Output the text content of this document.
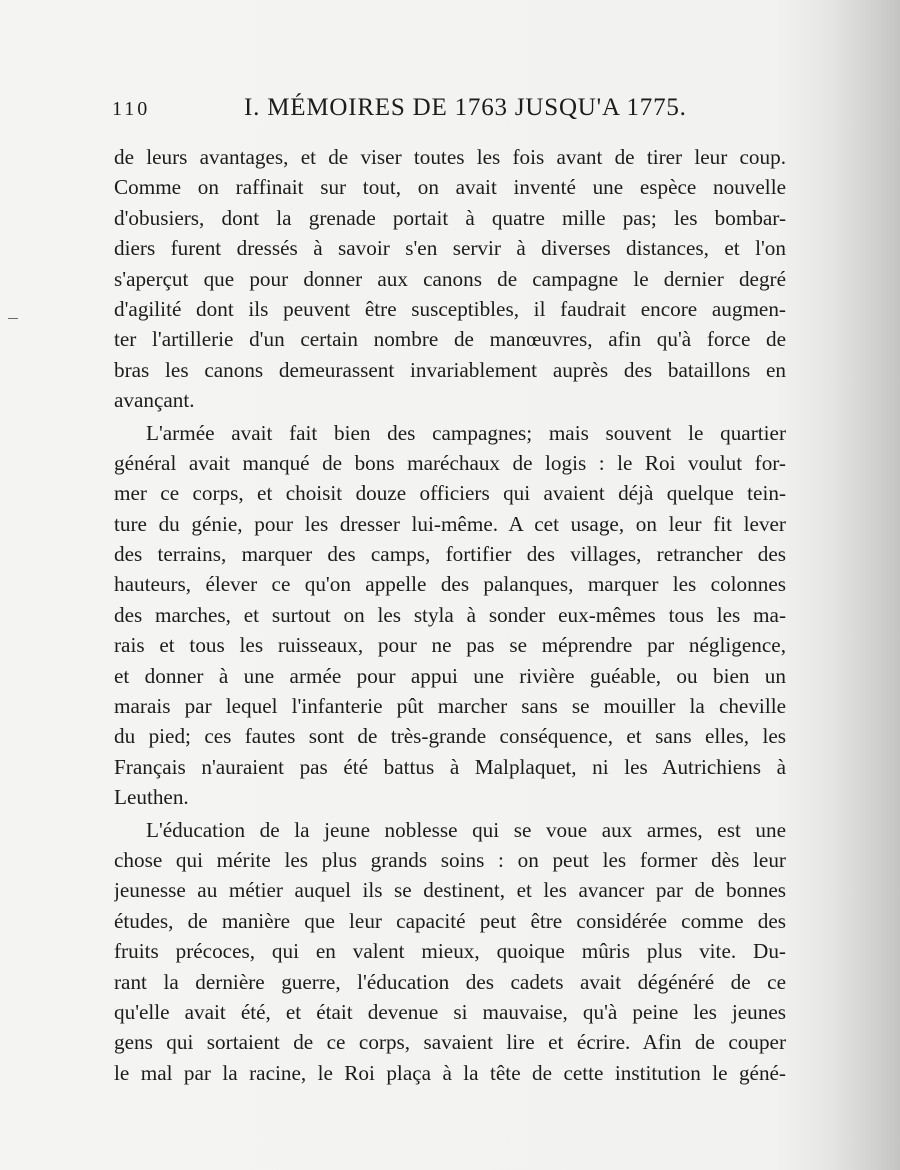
110	I. MÉMOIRES DE 1763 JUSQU'A 1775.
de leurs avantages, et de viser toutes les fois avant de tirer leur coup.
Comme on raffinait sur tout, on avait inventé une espèce nouvelle
d'obusiers, dont la grenade portait à quatre mille pas; les bombar-
diers furent dressés à savoir s'en servir à diverses distances, et l'on
s'aperçut que pour donner aux canons de campagne le dernier degré
d'agilité dont ils peuvent être susceptibles, il faudrait encore augmen-
ter l'artillerie d'un certain nombre de manœuvres, afin qu'à force de
bras les canons demeurassent invariablement auprès des bataillons en
avançant.
L'armée avait fait bien des campagnes; mais souvent le quartier
général avait manqué de bons maréchaux de logis : le Roi voulut for-
mer ce corps, et choisit douze officiers qui avaient déjà quelque tein-
ture du génie, pour les dresser lui-même. A cet usage, on leur fit lever
des terrains, marquer des camps, fortifier des villages, retrancher des
hauteurs, élever ce qu'on appelle des palanques, marquer les colonnes
des marches, et surtout on les styla à sonder eux-mêmes tous les ma-
rais et tous les ruisseaux, pour ne pas se méprendre par négligence,
et donner à une armée pour appui une rivière guéable, ou bien un
marais par lequel l'infanterie pût marcher sans se mouiller la cheville
du pied; ces fautes sont de très-grande conséquence, et sans elles, les
Français n'auraient pas été battus à Malplaquet, ni les Autrichiens à
Leuthen.
L'éducation de la jeune noblesse qui se voue aux armes, est une
chose qui mérite les plus grands soins : on peut les former dès leur
jeunesse au métier auquel ils se destinent, et les avancer par de bonnes
études, de manière que leur capacité peut être considérée comme des
fruits précoces, qui en valent mieux, quoique mûris plus vite. Du-
rant la dernière guerre, l'éducation des cadets avait dégénéré de ce
qu'elle avait été, et était devenue si mauvaise, qu'à peine les jeunes
gens qui sortaient de ce corps, savaient lire et écrire. Afin de couper
le mal par la racine, le Roi plaça à la tête de cette institution le géné-
